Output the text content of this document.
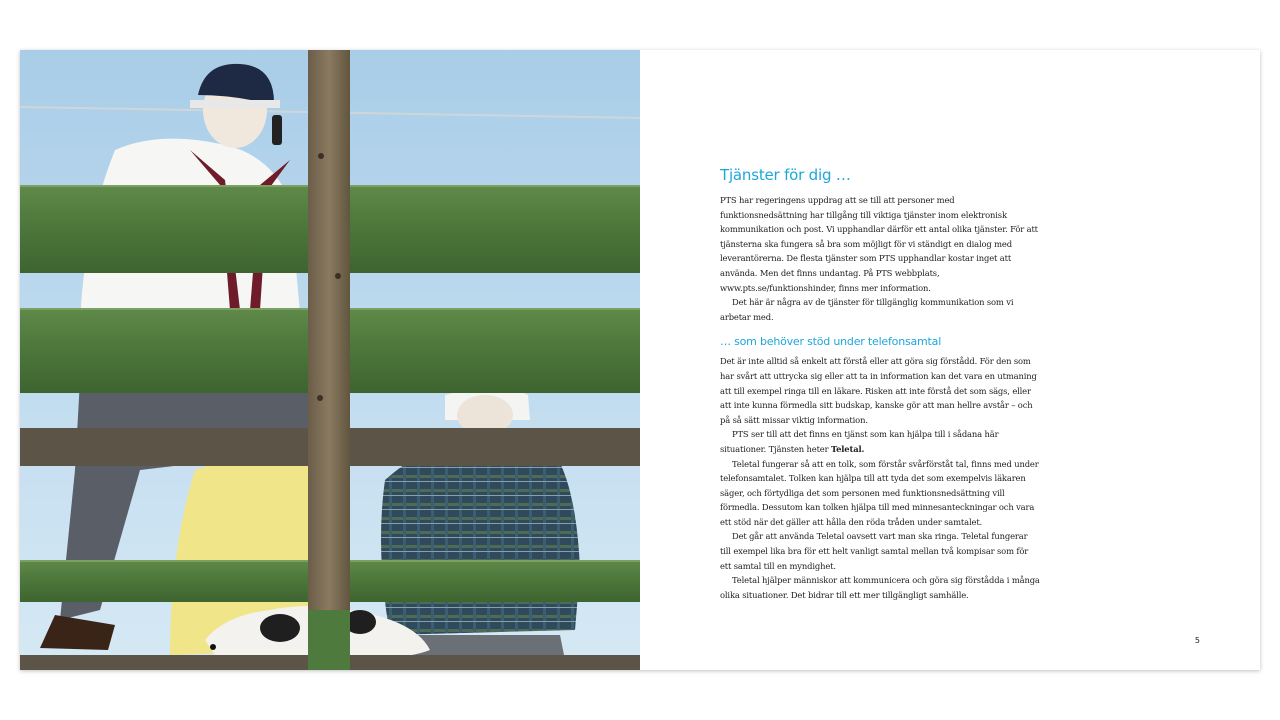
Tjänster för dig …

PTS har regeringens uppdrag att se till att personer med funktionsnedsättning har tillgång till viktiga tjänster inom elektronisk kommunikation och post. Vi upphandlar därför ett antal olika tjänster. För att tjänsterna ska fungera så bra som möjligt för vi ständigt en dialog med leverantörerna. De flesta tjänster som PTS upphandlar kostar inget att använda. Men det finns undantag. På PTS webbplats, www.pts.se/funktionshinder, finns mer information.

Det här är några av de tjänster för tillgänglig kommunikation som vi arbetar med.

… som behöver stöd under telefonsamtal

Det är inte alltid så enkelt att förstå eller att göra sig förstådd. För den som har svårt att uttrycka sig eller att ta in information kan det vara en utmaning att till exempel ringa till en läkare. Risken att inte förstå det som sägs, eller att inte kunna förmedla sitt budskap, kanske gör att man hellre avstår – och på så sätt missar viktig information.

PTS ser till att det finns en tjänst som kan hjälpa till i sådana här situationer. Tjänsten heter Teletal.

Teletal fungerar så att en tolk, som förstår svårförståt tal, finns med under telefonsamtalet. Tolken kan hjälpa till att tyda det som exempelvis läkaren säger, och förtydliga det som personen med funktionsnedsättning vill förmedla. Dessutom kan tolken hjälpa till med minnesanteckningar och vara ett stöd när det gäller att hålla den röda tråden under samtalet.

Det går att använda Teletal oavsett vart man ska ringa. Teletal fungerar till exempel lika bra för ett helt vanligt samtal mellan två kompisar som för ett samtal till en myndighet.

Teletal hjälper människor att kommunicera och göra sig förstådda i många olika situationer. Det bidrar till ett mer tillgängligt samhälle.

5
